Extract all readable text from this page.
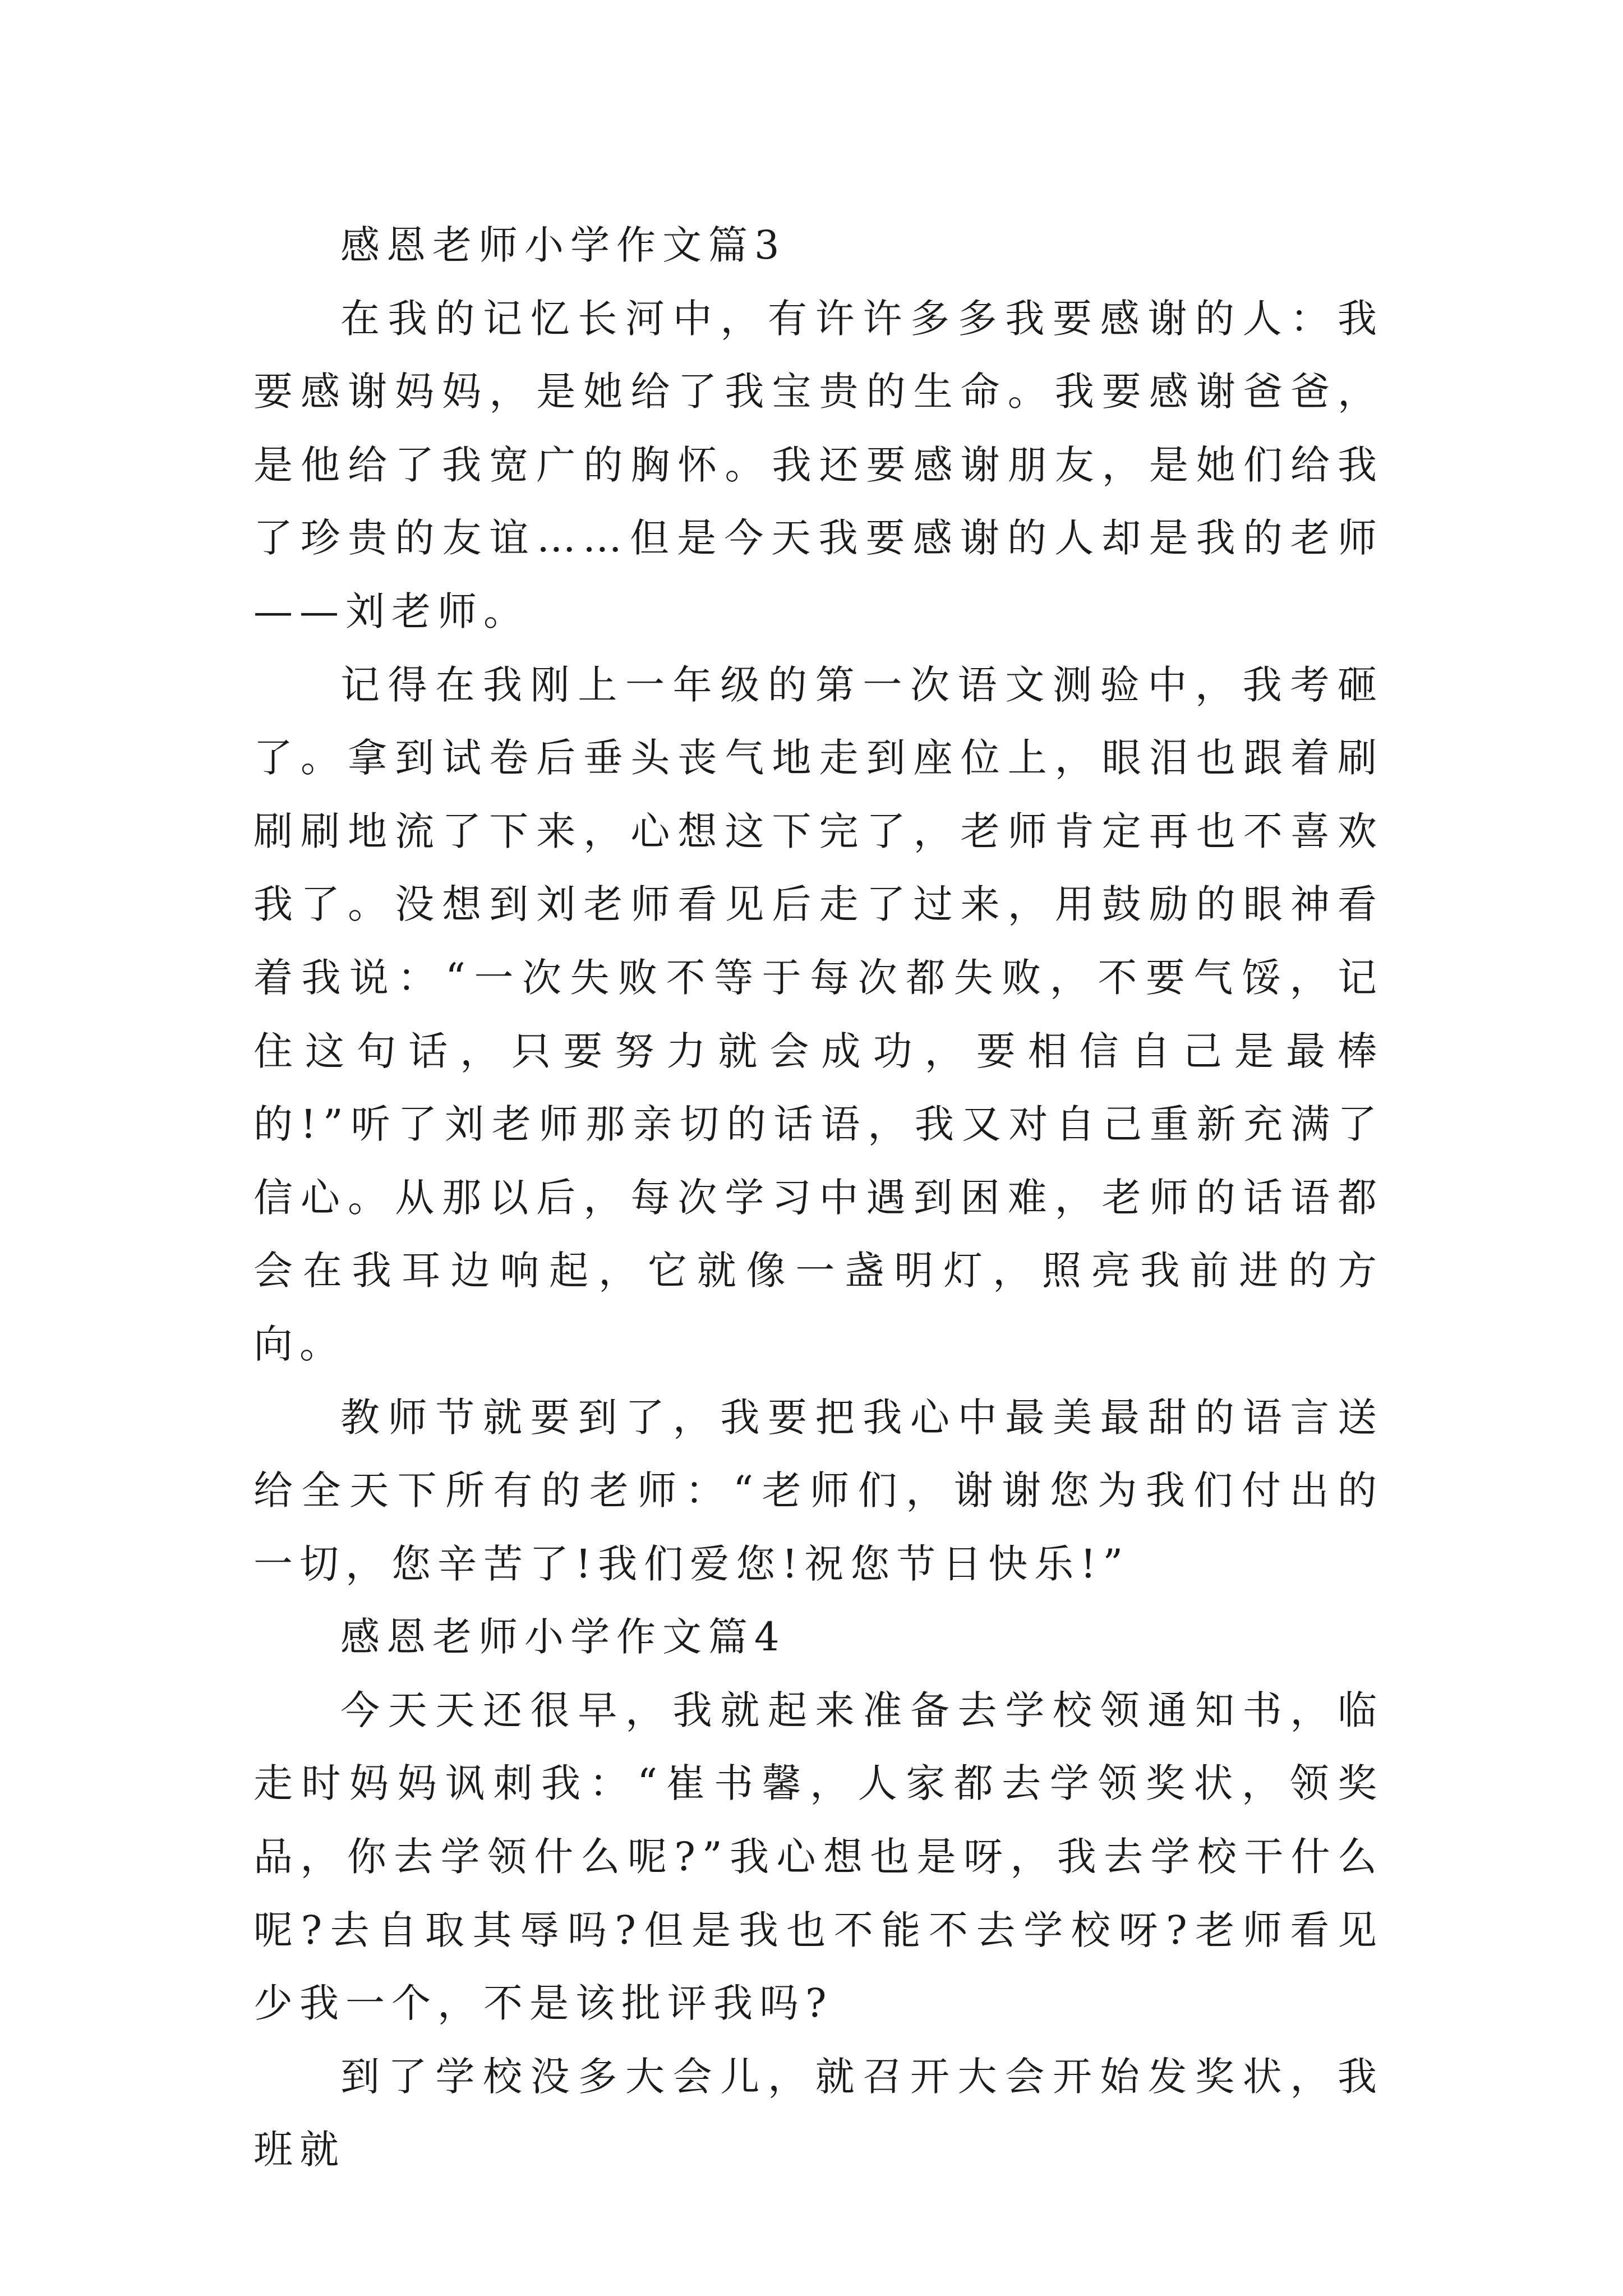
感恩老师小学作文篇3

在我的记忆长河中，有许许多多我要感谢的人：我要感谢妈妈，是她给了我宝贵的生命。我要感谢爸爸，是他给了我宽广的胸怀。我还要感谢朋友，是她们给我了珍贵的友谊……但是今天我要感谢的人却是我的老师——刘老师。

记得在我刚上一年级的第一次语文测验中，我考砸了。拿到试卷后垂头丧气地走到座位上，眼泪也跟着刷刷刷地流了下来，心想这下完了，老师肯定再也不喜欢我了。没想到刘老师看见后走了过来，用鼓励的眼神看着我说：“一次失败不等于每次都失败，不要气馁，记住这句话，只要努力就会成功，要相信自己是最棒的!”听了刘老师那亲切的话语，我又对自己重新充满了信心。从那以后，每次学习中遇到困难，老师的话语都会在我耳边响起，它就像一盏明灯，照亮我前进的方向。

教师节就要到了，我要把我心中最美最甜的语言送给全天下所有的老师：“老师们，谢谢您为我们付出的一切，您辛苦了!我们爱您!祝您节日快乐!”

感恩老师小学作文篇4

今天天还很早，我就起来准备去学校领通知书，临走时妈妈讽刺我：“崔书馨，人家都去学领奖状，领奖品，你去学领什么呢?”我心想也是呀，我去学校干什么呢?去自取其辱吗?但是我也不能不去学校呀?老师看见少我一个，不是该批评我吗?

到了学校没多大会儿，就召开大会开始发奖状，我班就
